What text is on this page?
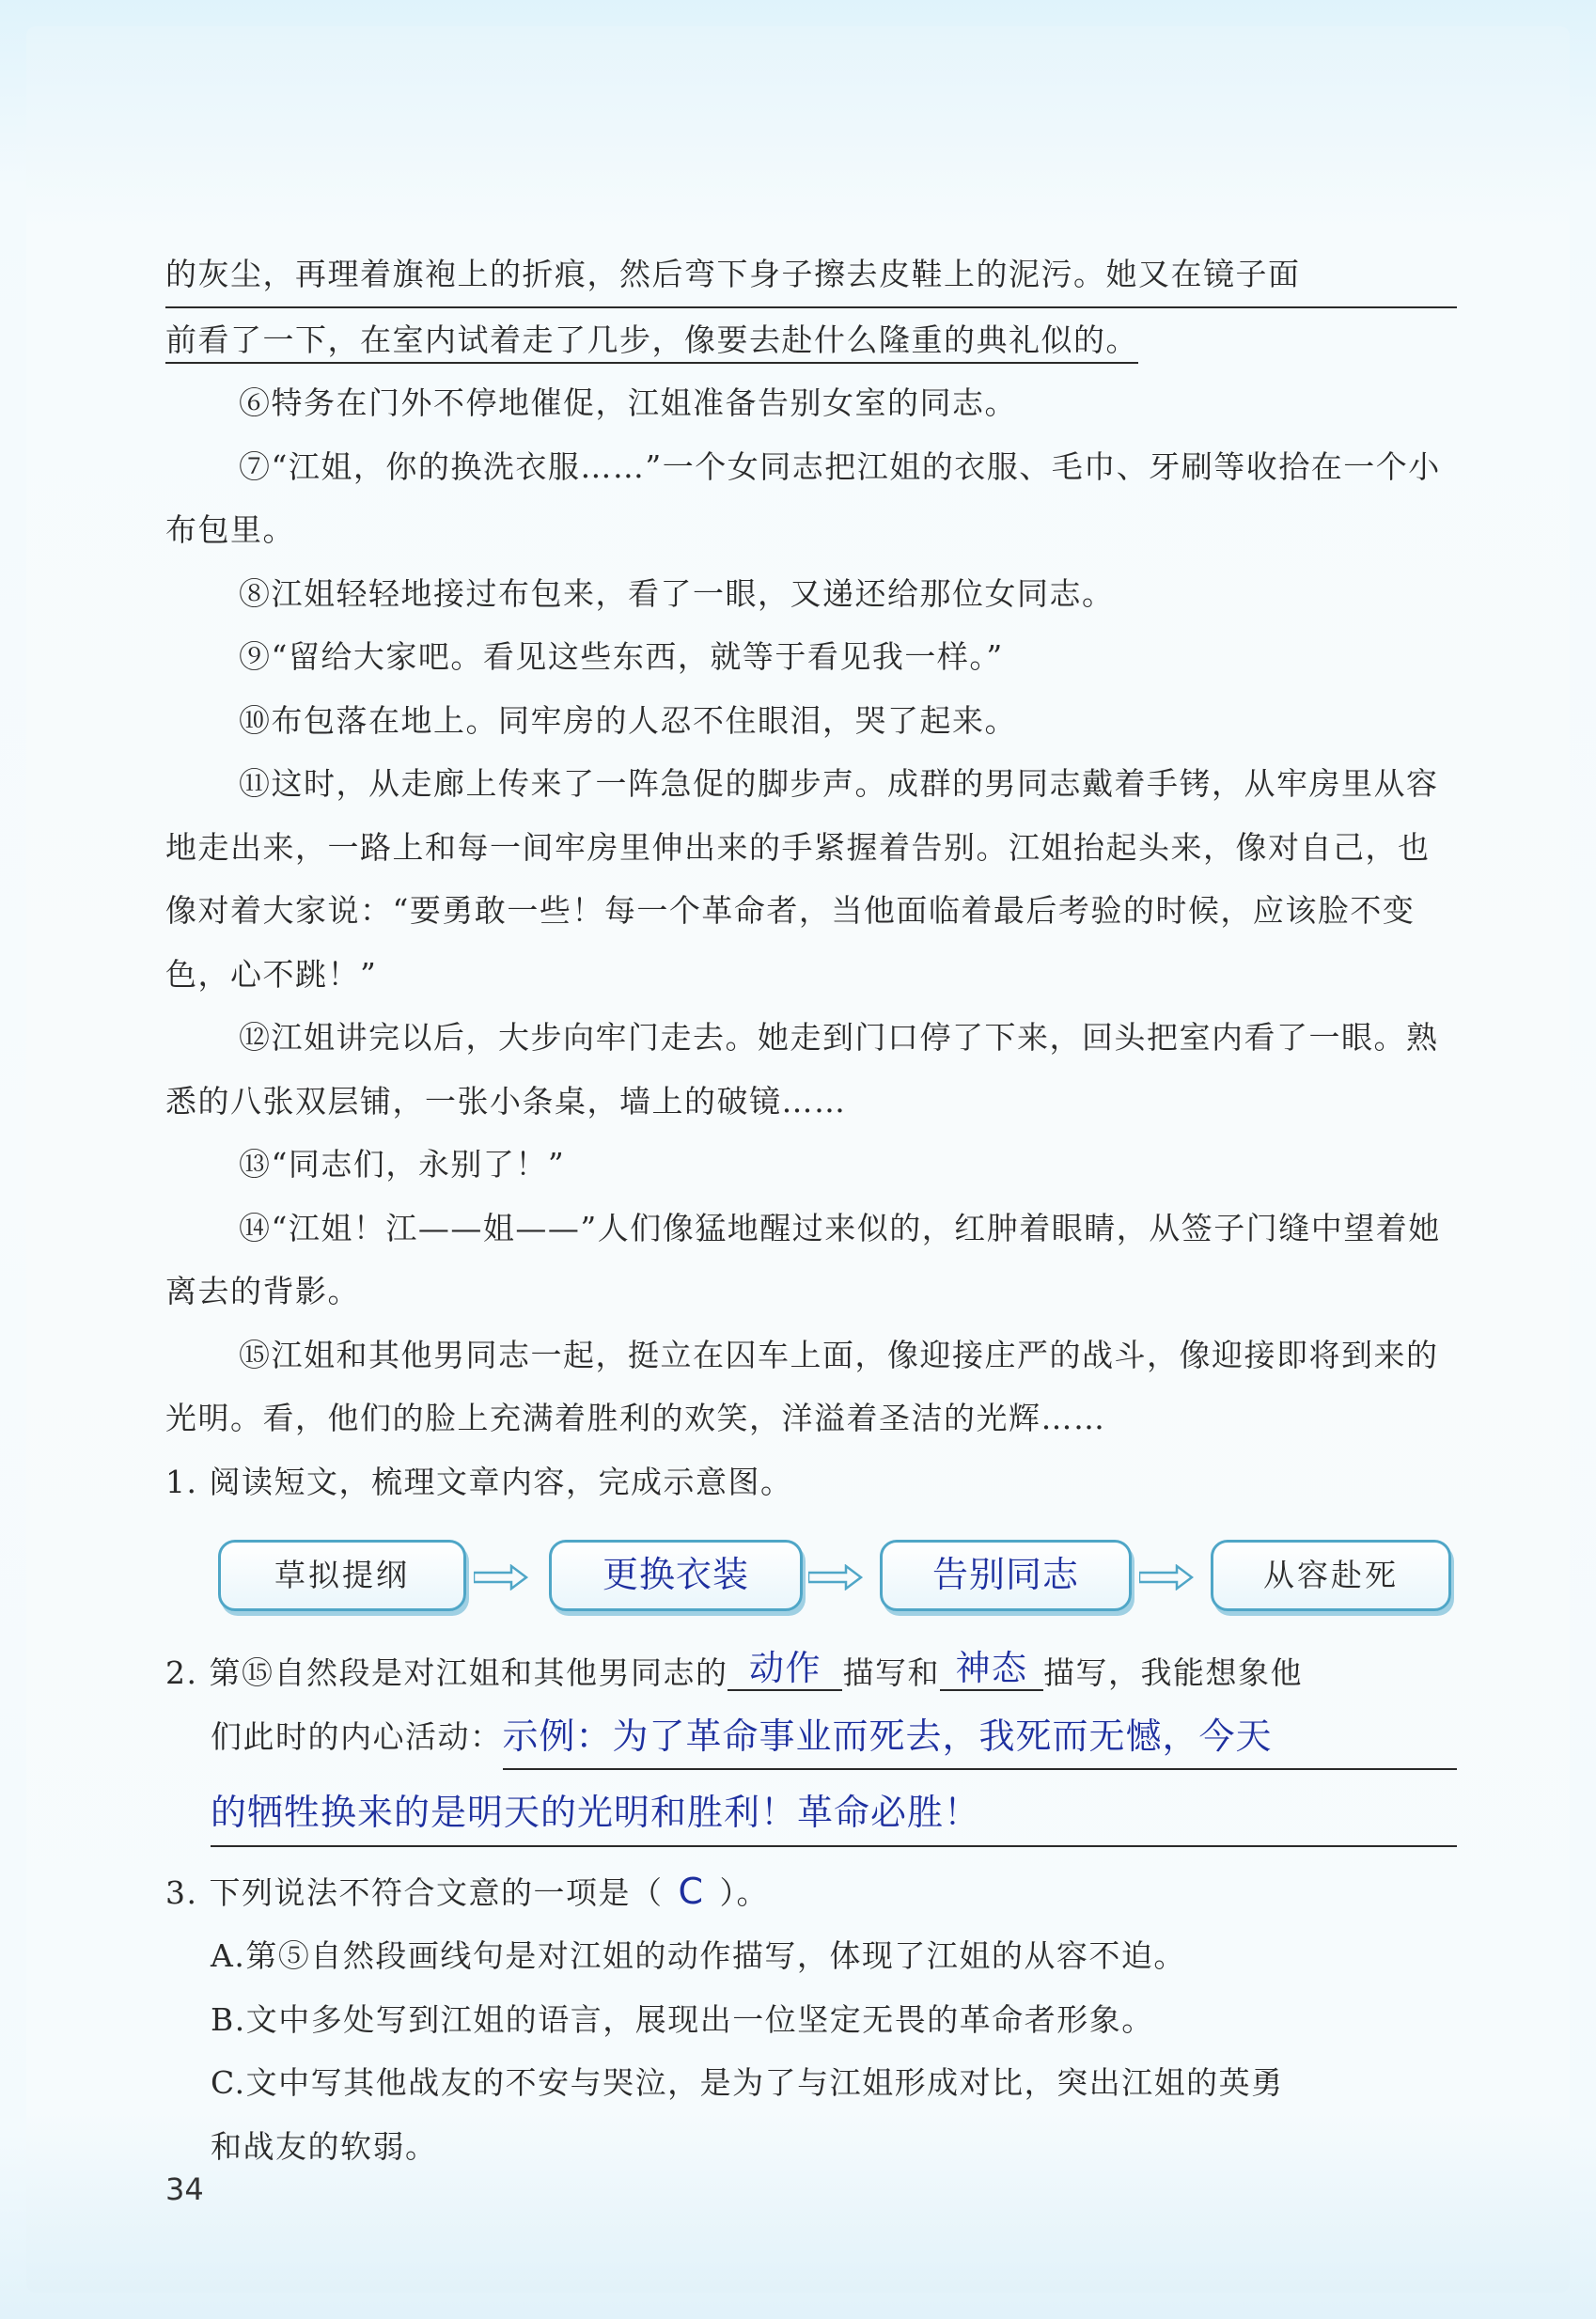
的灰尘，再理着旗袍上的折痕，然后弯下身子擦去皮鞋上的泥污。她又在镜子面

前看了一下，在室内试着走了几步，像要去赴什么隆重的典礼似的。

⑥特务在门外不停地催促，江姐准备告别女室的同志。

⑦“江姐，你的换洗衣服……”一个女同志把江姐的衣服、毛巾、牙刷等收拾在一个小布包里。

⑧江姐轻轻地接过布包来，看了一眼，又递还给那位女同志。

⑨“留给大家吧。看见这些东西，就等于看见我一样。”

⑩布包落在地上。同牢房的人忍不住眼泪，哭了起来。

⑪这时，从走廊上传来了一阵急促的脚步声。成群的男同志戴着手铐，从牢房里从容地走出来，一路上和每一间牢房里伸出来的手紧握着告别。江姐抬起头来，像对自己，也像对着大家说：“要勇敢一些！每一个革命者，当他面临着最后考验的时候，应该脸不变色，心不跳！”

⑫江姐讲完以后，大步向牢门走去。她走到门口停了下来，回头把室内看了一眼。熟悉的八张双层铺，一张小条桌，墙上的破镜……

⑬“同志们，永别了！”

⑭“江姐！江——姐——”人们像猛地醒过来似的，红肿着眼睛，从签子门缝中望着她离去的背影。

⑮江姐和其他男同志一起，挺立在囚车上面，像迎接庄严的战斗，像迎接即将到来的光明。看，他们的脸上充满着胜利的欢笑，洋溢着圣洁的光辉……

1. 阅读短文，梳理文章内容，完成示意图。

草拟提纲	更换衣装	告别同志	从容赴死

2. 第⑮自然段是对江姐和其他男同志的 动作 描写和 神态 描写，我能想象他

们此时的内心活动： 示例：为了革命事业而死去，我死而无憾，今天

的牺牲换来的是明天的光明和胜利！革命必胜！

3. 下列说法不符合文意的一项是（ C ）。

A.第⑤自然段画线句是对江姐的动作描写，体现了江姐的从容不迫。

B.文中多处写到江姐的语言，展现出一位坚定无畏的革命者形象。

C.文中写其他战友的不安与哭泣，是为了与江姐形成对比，突出江姐的英勇

和战友的软弱。

34
